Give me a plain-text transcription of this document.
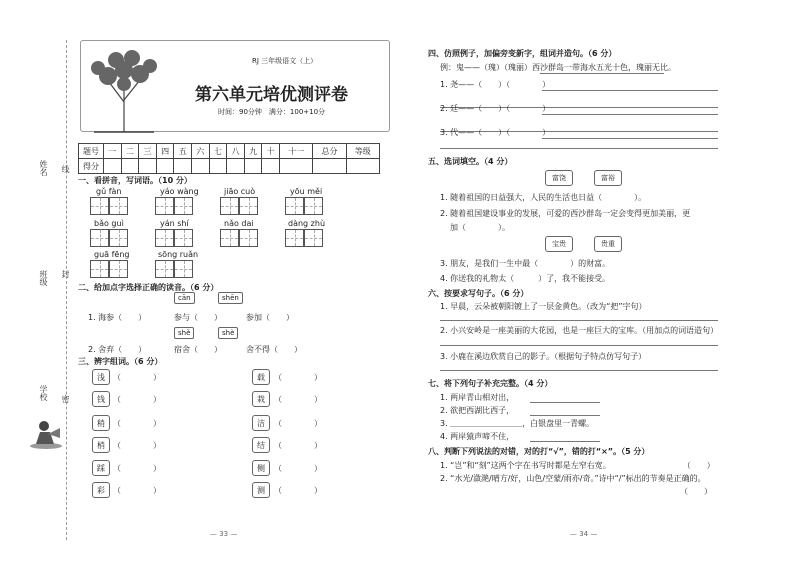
姓名 线
班级 封
学校 密
RJ 三年级语文（上）
第六单元培优测评卷
时间：90分钟　满分：100+10分
题号	一	二	三	四	五	六	七	八	九	十	十一	总分	等级
得分													
一、看拼音，写词语。（10 分）
gǔ fàn	yáo wàng	jiāo cuò	yōu měi
bǎo guì	yán shí	nǎo dai	dàng zhù
guā fēng	sōng ruǎn
二、给加点字选择正确的读音。（6 分）
cān	shēn
1. 海参（　　）	参与（　　）	参加（　　）
shě	shè
2. 舍弃（　　）	宿舍（　　）	舍不得（　　）
三、辨字组词。（6 分）
浅	（　　　　）
钱	（　　　　）
稍	（　　　　）
梢	（　　　　）
踩	（　　　　）
彩	（　　　　）
载	（　　　　）
栽	（　　　　）
洁	（　　　　）
结	（　　　　）
侧	（　　　　）
测	（　　　　）
— 33 —
四、仿照例子，加偏旁变新字，组词并造句。（6 分）
例：鬼——（瑰）（瑰丽）西沙群岛一带海水五光十色，瑰丽无比。
1. 尧——（　　）（　　　　）
2. 廷——（　　）（　　　　）
3. 代——（　　）（　　　　）
五、选词填空。（4 分）
富饶	富裕
1. 随着祖国的日益强大，人民的生活也日益（　　　　）。
2. 随着祖国建设事业的发展，可爱的西沙群岛一定会变得更加美丽，更
加（　　　　）。
宝贵	贵重
3. 朋友，是我们一生中最（　　　　）的财富。
4. 你送我的礼物太（　　　）了，我不能接受。
六、按要求写句子。（6 分）
1. 早晨，云朵被朝阳镀上了一层金黄色。（改为“把”字句）
2. 小兴安岭是一座美丽的大花园，也是一座巨大的宝库。（用加点的词语造句）
3. 小鹿在溪边欣赏自己的影子。（根据句子特点仿写句子）
七、将下列句子补充完整。（4 分）
1. 两岸青山相对出，
2. 欲把西湖比西子，
3. ＿＿＿＿＿＿＿＿＿，白银盘里一青螺。
4. 两岸猿声啼不住，
八、判断下列说法的对错，对的打“√”，错的打“×”。（5 分）
1. “岂”和“刻”这两个字在书写时都是左窄右宽。　　　　　　　　　　（　　）
2. “水光/潋滟/晴方/好，山色/空蒙/雨亦/奇。”诗中“/”标出的节奏是正确的。
（　　）
— 34 —
